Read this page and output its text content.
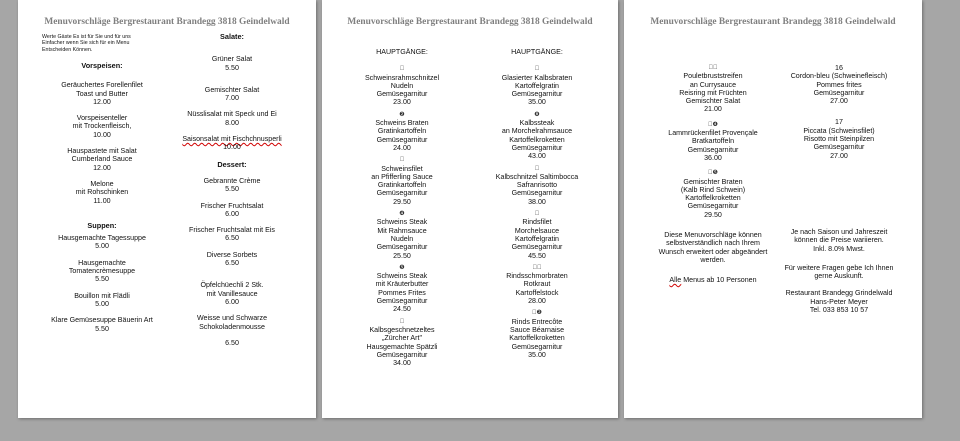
Menuvorschläge Bergrestaurant Brandegg 3818 Geindelwald
Werte Gäste Es ist für Sie und für uns Einfacher wenn Sie sich für ein Menu Entscheiden Können.
Vorspeisen:
Geräuchertes Forellenfilet
Toast und Butter
12.00
Vorspeisenteller
mit Trockenfleisch,
10.00
Hauspastete mit Salat
Cumberland Sauce
12.00
Melone
mit Rohschinken
11.00
Suppen:
Hausgemachte Tagessuppe
5.00
Hausgemachte
Tomatencrèmesuppe
5.50
Bouillon mit Flädli
5.00
Klare Gemüsesuppe Bäuerin Art
5.50
Salate:
Grüner Salat
5.50
Gemischter Salat
7.00
Nüsslisalat mit Speck und Ei
8.00
Saisonsalat mit Fischchnusperli
10.00
Dessert:
Gebrannte Crème
5.50
Frischer Fruchtsalat
6.00
Frischer Fruchtsalat mit Eis
6.50
Diverse Sorbets
6.50
Öpfelchüechli 2 Stk.
mit Vanillesauce
6.00
Weisse und Schwarze
Schokoladenmousse
6.50
Menuvorschläge Bergrestaurant Brandegg 3818 Geindelwald
HAUPTGÄNGE:
 
Schweinsrahmschnitzel
Nudeln
Gemüsegarnitur
23.00
❷
Schweins Braten
Gratinkartoffeln
Gemüsegarnitur
24.00
 
Schweinsfilet
an Pfifferling Sauce
Gratinkartoffeln
Gemüsegarnitur
29.50
❹
Schweins Steak
Mit Rahmsauce
Nudeln
Gemüsegarnitur
25.50
❺
Schweins Steak
mit Kräuterbutter
Pommes Frites
Gemüsegarnitur
24.50
 
Kalbsgeschnetzeltes
„Zürcher Art"
Hausgemachte Spätzli
Gemüsegarnitur
34.00
HAUPTGÄNGE:
 
Glasierter Kalbsbraten
Kartoffelgratin
Gemüsegarnitur
35.00
❽
Kalbssteak
an Morchelrahmsauce
Kartoffelkroketten
Gemüsegarnitur
43.00
 
Kalbschnitzel Saltimbocca
Safranrisotto
Gemüsegarnitur
38.00
 
Rindsfilet
Morchelsauce
Kartoffelgratin
Gemüsegarnitur
45.50
  
Rindsschmorbraten
Rotkraut
Kartoffelstock
28.00
 ❷
Rinds Entrecôte
Sauce Béarnaise
Kartoffelkroketten
Gemüsegarnitur
35.00
Menuvorschläge Bergrestaurant Brandegg 3818 Geindelwald
  
Pouletbruststreifen
an Currysauce
Reisring mit Früchten
Gemischter Salat
21.00
 ❹
Lammrückenfilet Provençale
Bratkartoffeln
Gemüsegarnitur
36.00
 ❺
Gemischter Braten
(Kalb Rind Schwein)
Kartoffelkroketten
Gemüsegarnitur
29.50
Diese Menuvorschläge können
selbstverständlich nach Ihrem
Wunsch erweitert oder abgeändert
werden.
Alle Menus ab 10 Personen
16
Cordon-bleu (Schweinefleisch)
Pommes frites
Gemüsegarnitur
27.00
17
Piccata (Schweinsfilet)
Risotto mit Steinpilzen
Gemüsegarnitur
27.00
Je nach Saison und Jahreszeit
können die Preise wariieren.
Inkl. 8.0% Mwst.
Für weitere Fragen gebe Ich Ihnen
gerne Auskunft.
Restaurant Brandegg Grindelwald
Hans-Peter Meyer
Tel. 033 853 10 57
